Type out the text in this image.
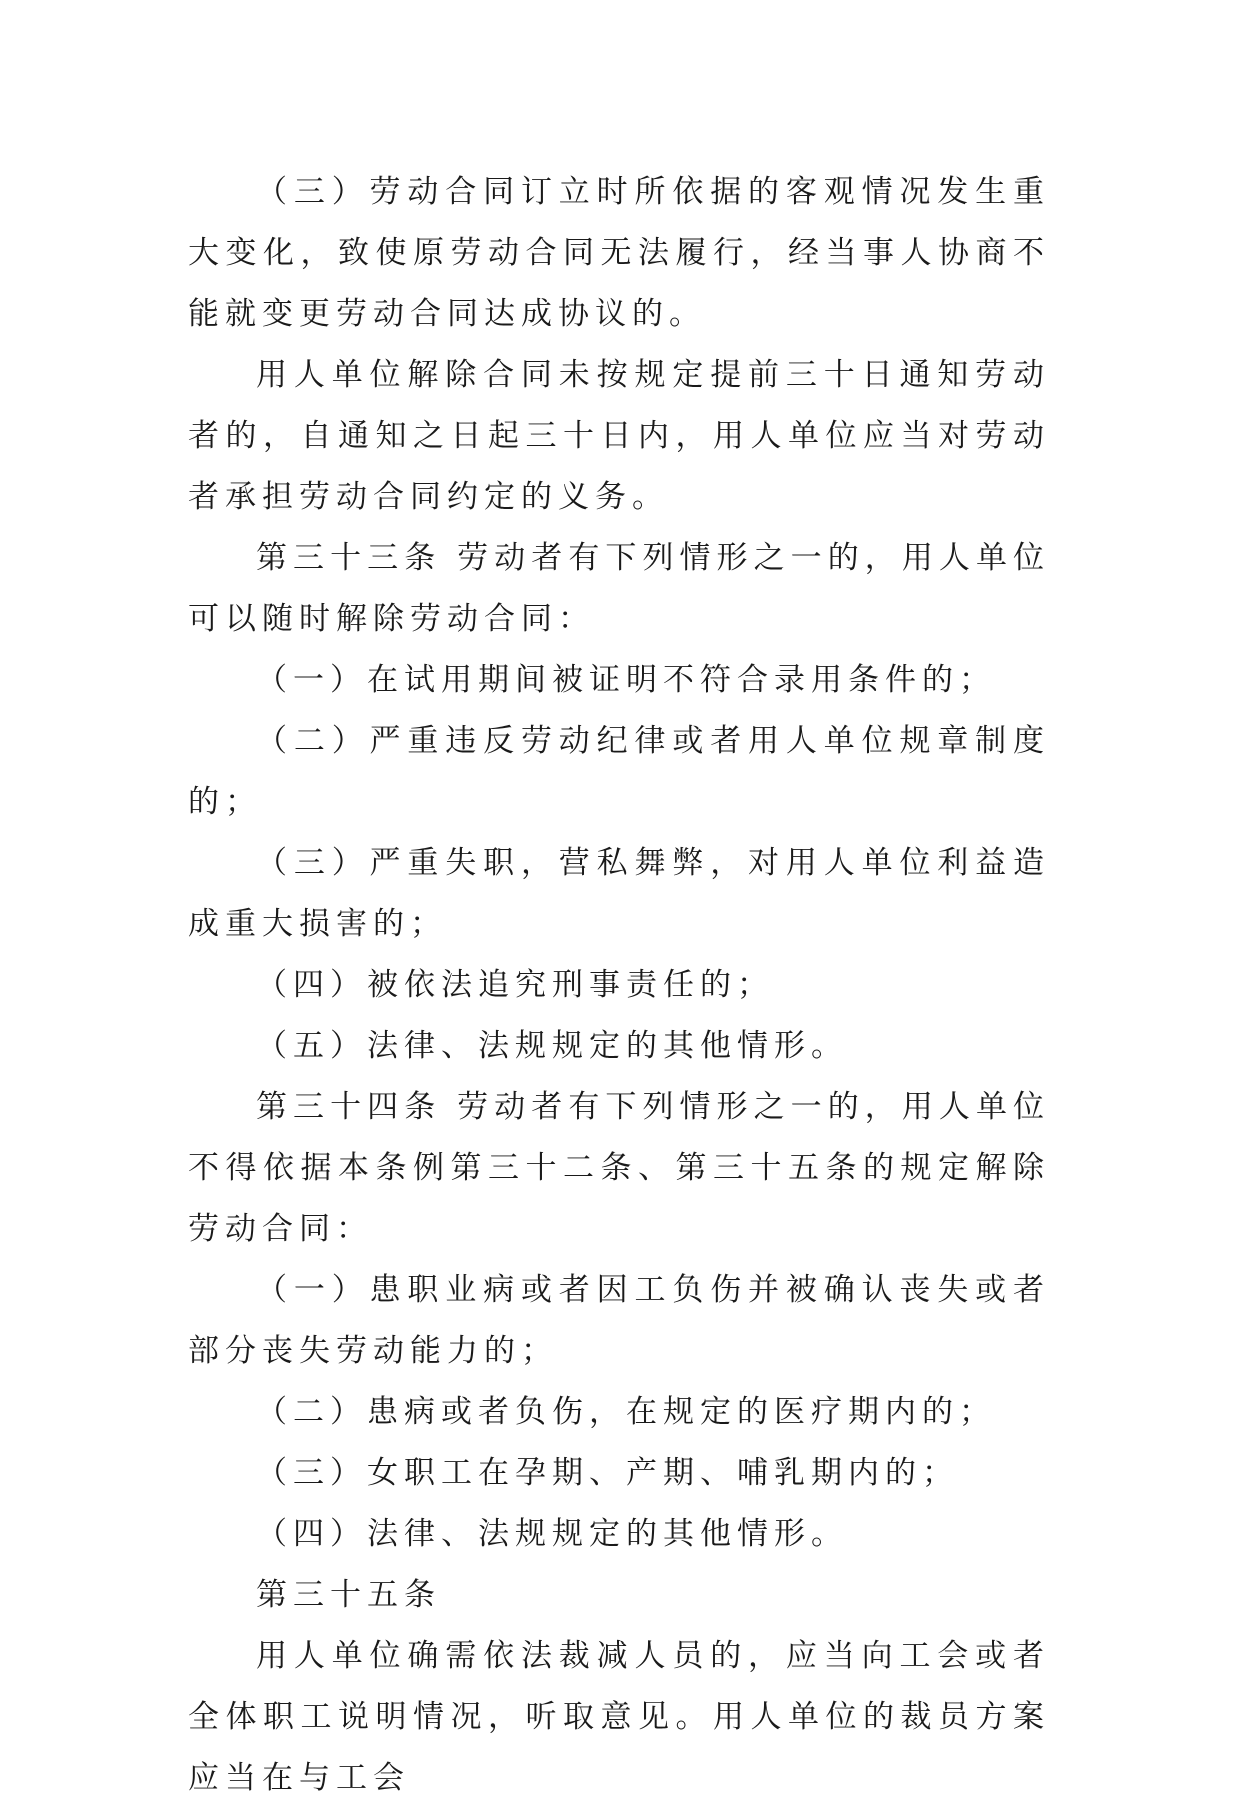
（三）劳动合同订立时所依据的客观情况发生重大变化，致使原劳动合同无法履行，经当事人协商不能就变更劳动合同达成协议的。

用人单位解除合同未按规定提前三十日通知劳动者的，自通知之日起三十日内，用人单位应当对劳动者承担劳动合同约定的义务。

第三十三条 劳动者有下列情形之一的，用人单位可以随时解除劳动合同：

（一）在试用期间被证明不符合录用条件的；

（二）严重违反劳动纪律或者用人单位规章制度的；

（三）严重失职，营私舞弊，对用人单位利益造成重大损害的；

（四）被依法追究刑事责任的；

（五）法律、法规规定的其他情形。

第三十四条 劳动者有下列情形之一的，用人单位不得依据本条例第三十二条、第三十五条的规定解除劳动合同：

（一）患职业病或者因工负伤并被确认丧失或者部分丧失劳动能力的；

（二）患病或者负伤，在规定的医疗期内的；

（三）女职工在孕期、产期、哺乳期内的；

（四）法律、法规规定的其他情形。

第三十五条

用人单位确需依法裁减人员的，应当向工会或者全体职工说明情况，听取意见。用人单位的裁员方案应当在与工会
